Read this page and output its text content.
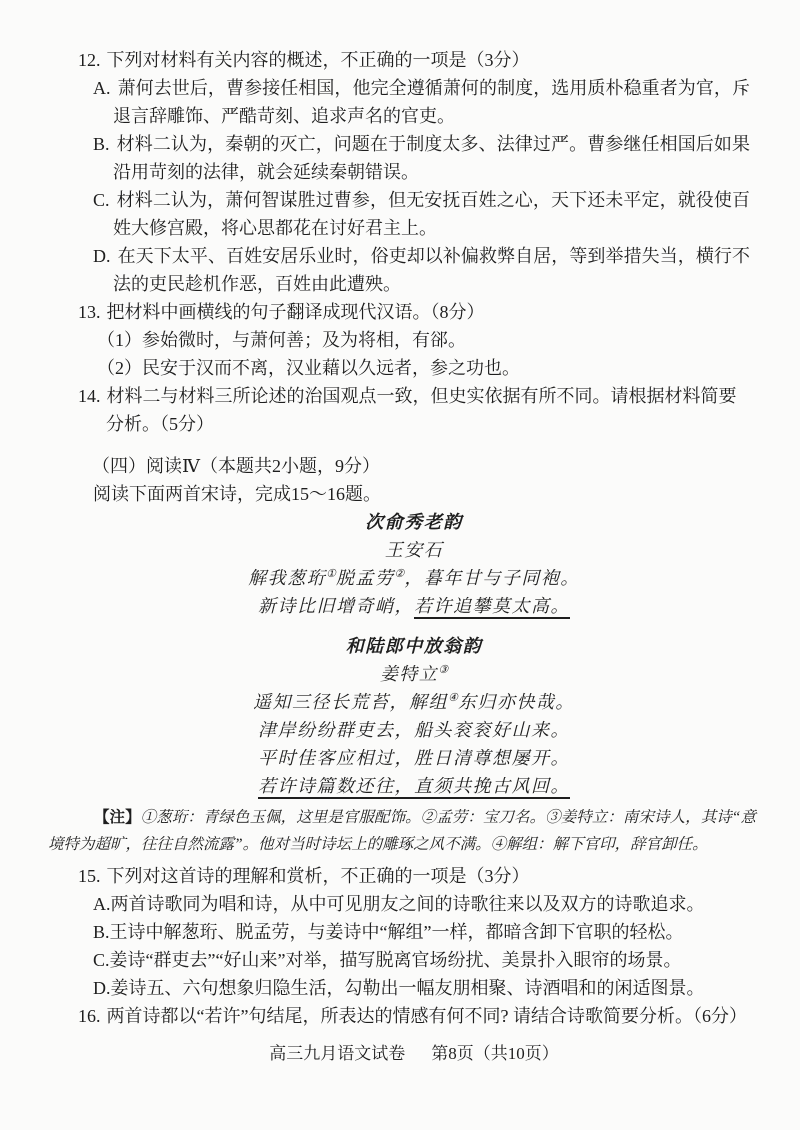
12. 下列对材料有关内容的概述，不正确的一项是（3分）

A. 萧何去世后，曹参接任相国，他完全遵循萧何的制度，选用质朴稳重者为官，斥退言辞雕饰、严酷苛刻、追求声名的官吏。

B. 材料二认为，秦朝的灭亡，问题在于制度太多、法律过严。曹参继任相国后如果沿用苛刻的法律，就会延续秦朝错误。

C. 材料二认为，萧何智谋胜过曹参，但无安抚百姓之心，天下还未平定，就役使百姓大修宫殿，将心思都花在讨好君主上。

D. 在天下太平、百姓安居乐业时，俗吏却以补偏救弊自居，等到举措失当，横行不法的吏民趁机作恶，百姓由此遭殃。

13. 把材料中画横线的句子翻译成现代汉语。（8分）

（1）参始微时，与萧何善；及为将相，有郤。

（2）民安于汉而不离，汉业藉以久远者，参之功也。

14. 材料二与材料三所论述的治国观点一致，但史实依据有所不同。请根据材料简要分析。（5分）

（四）阅读Ⅳ（本题共2小题，9分）

阅读下面两首宋诗，完成15～16题。

次俞秀老韵

王安石

解我葱珩①脱孟劳②，暮年甘与子同袍。

新诗比旧增奇峭，若许追攀莫太高。

和陆郎中放翁韵

姜特立③

遥知三径长荒苔，解组④东归亦快哉。

津岸纷纷群吏去，船头衮衮好山来。

平时佳客应相过，胜日清尊想屡开。

若许诗篇数还往，直须共挽古风回。

【注】①葱珩：青绿色玉佩，这里是官服配饰。②孟劳：宝刀名。③姜特立：南宋诗人，其诗“意境特为超旷，往往自然流露”。他对当时诗坛上的雕琢之风不满。④解组：解下官印，辞官卸任。

15. 下列对这首诗的理解和赏析，不正确的一项是（3分）

A.两首诗歌同为唱和诗，从中可见朋友之间的诗歌往来以及双方的诗歌追求。

B.王诗中解葱珩、脱孟劳，与姜诗中“解组”一样，都暗含卸下官职的轻松。

C.姜诗“群吏去”“好山来”对举，描写脱离官场纷扰、美景扑入眼帘的场景。

D.姜诗五、六句想象归隐生活，勾勒出一幅友朋相聚、诗酒唱和的闲适图景。

16. 两首诗都以“若许”句结尾，所表达的情感有何不同? 请结合诗歌简要分析。（6分）

高三九月语文试卷 第8页（共10页）
